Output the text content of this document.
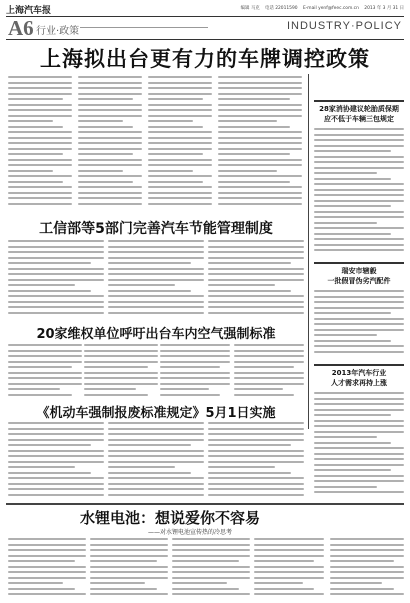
上海汽车报	编辑 马克 电话 22011590 E-mail yenf@feec.com.cn 2013 年 3 月 31 日
A6 行业·政策	INDUSTRY·POLICY
上海拟出台更有力的车牌调控政策
28家消协建议轮胎质保期
应不低于车辆三包规定
工信部等5部门完善汽车节能管理制度
瑞安市辖毅
一批假冒伪劣汽配件
20家维权单位呼吁出台车内空气强制标准
2013年汽车行业
人才需求再持上涨
《机动车强制报废标准规定》5月1日实施
水锂电池：想说爱你不容易
——对水锂电池宣传热的冷思考
